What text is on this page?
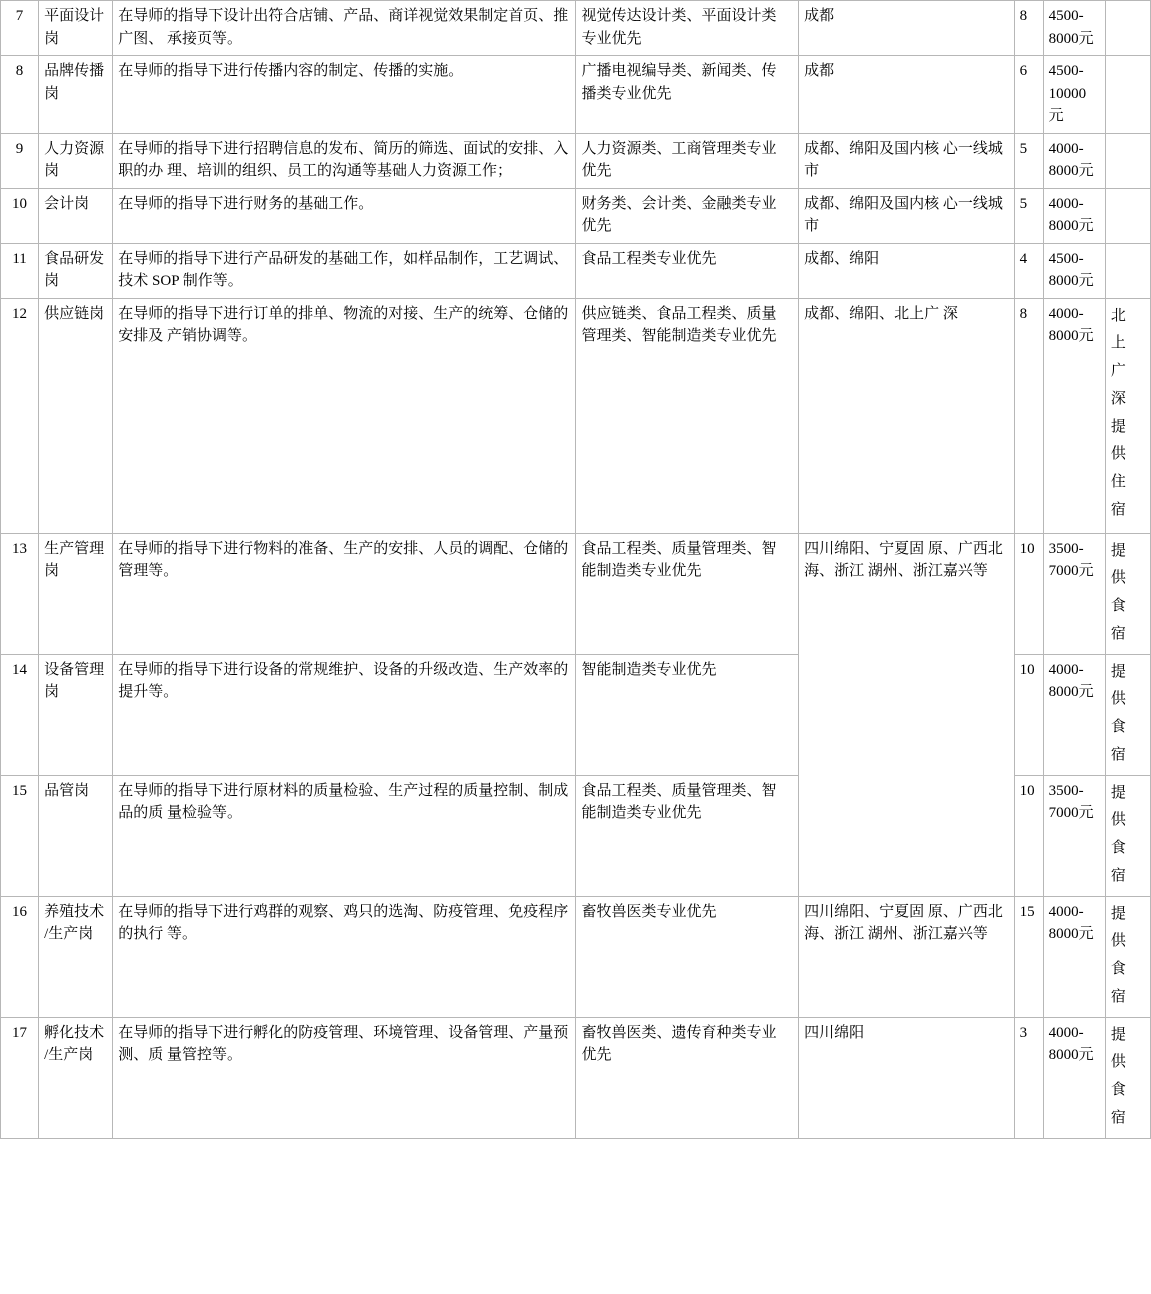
7	平面设计 岗	在导师的指导下设计出符合店铺、产品、商详视觉效果制定首页、推广图、 承接页等。	视觉传达设计类、平面设计类 专业优先	成都	8	4500-8000元	

8	品牌传播 岗	在导师的指导下进行传播内容的制定、传播的实施。	广播电视编导类、新闻类、传 播类专业优先	成都	6	4500-10000元	

9	人力资源 岗	在导师的指导下进行招聘信息的发布、简历的筛选、面试的安排、入职的办 理、培训的组织、员工的沟通等基础人力资源工作；	人力资源类、工商管理类专业 优先	成都、绵阳及国内核 心一线城市	5	4000-8000元	

10	会计岗	在导师的指导下进行财务的基础工作。	财务类、会计类、金融类专业 优先	成都、绵阳及国内核 心一线城市	5	4000-8000元	

11	食品研发 岗	在导师的指导下进行产品研发的基础工作，如样品制作，工艺调试、技术 SOP 制作等。	食品工程类专业优先	成都、绵阳	4	4500-8000元	

12	供应链岗	在导师的指导下进行订单的排单、物流的对接、生产的统筹、仓储的安排及 产销协调等。	供应链类、食品工程类、质量 管理类、智能制造类专业优先	成都、绵阳、北上广 深	8	4000-8000元	北上广深提供 住宿

13	生产管理 岗	在导师的指导下进行物料的准备、生产的安排、人员的调配、仓储的管理等。	食品工程类、质量管理类、智 能制造类专业优先	四川绵阳、宁夏固 原、广西北海、浙江 湖州、浙江嘉兴等	10	3500-7000元	提供食宿

14	设备管理 岗	在导师的指导下进行设备的常规维护、设备的升级改造、生产效率的提升等。	智能制造类专业优先		10	4000-8000元	提供食宿

15	品管岗	在导师的指导下进行原材料的质量检验、生产过程的质量控制、制成品的质 量检验等。	食品工程类、质量管理类、智 能制造类专业优先		10	3500-7000元	提供食 宿

16	养殖技术 /生产岗	在导师的指导下进行鸡群的观察、鸡只的选淘、防疫管理、免疫程序的执行 等。	畜牧兽医类专业优先	四川绵阳、宁夏固 原、广西北海、浙江 湖州、浙江嘉兴等	15	4000-8000元	提供食宿

17	孵化技术 /生产岗	在导师的指导下进行孵化的防疫管理、环境管理、设备管理、产量预测、质 量管控等。	畜牧兽医类、遗传育种类专业 优先	四川绵阳	3	4000-8000元	提供食宿
